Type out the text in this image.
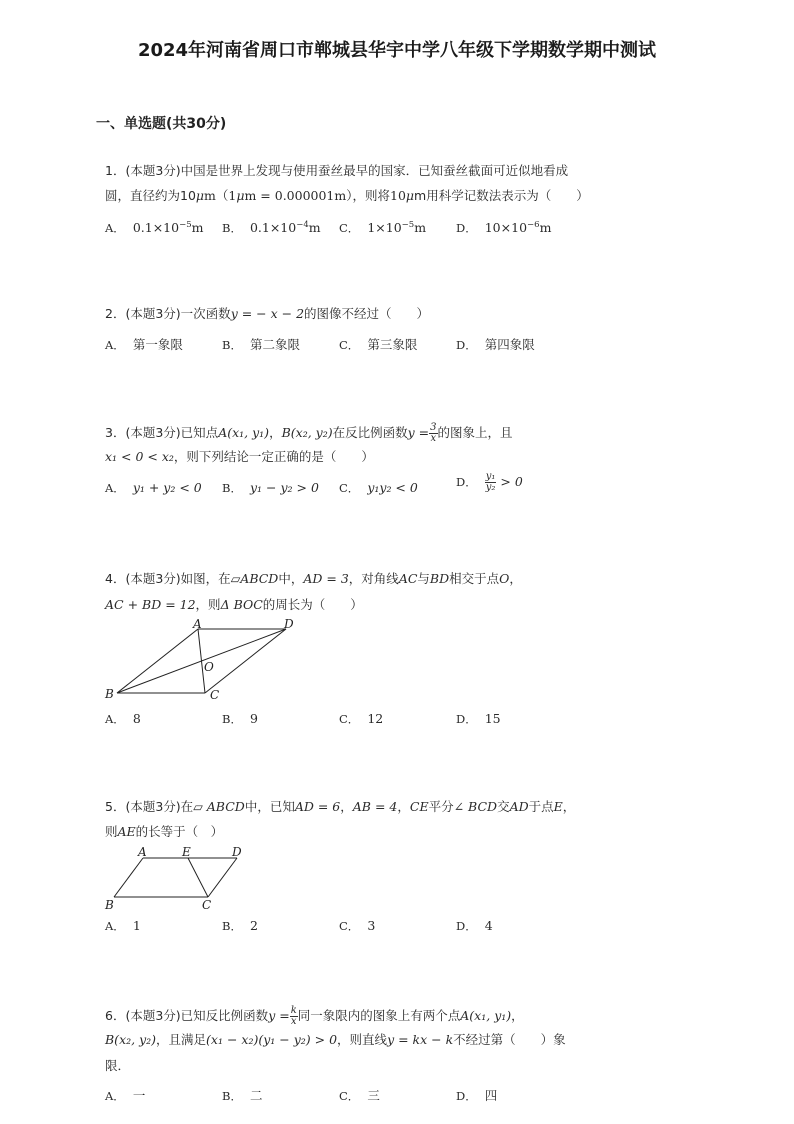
2024年河南省周口市郸城县华宇中学八年级下学期数学期中测试
一、单选题(共30分)
1．(本题3分)中国是世界上发现与使用蚕丝最早的国家．已知蚕丝截面可近似地看成
圆，直径约为10μm（1μm = 0.000001m），则将10μm用科学记数法表示为（　　）
A． $0.1\times 10^{-5}m$ B． $0.1\times 10^{-4}m$ C． $1\times 10^{-5}m$	D． $10\times 10^{-6}m$
2．(本题3分)一次函数y = − x − 2的图像不经过（　　）
A． 第一象限	B． 第二象限	C． 第三象限	D． 第四象限
3．(本题3分)已知点A(x₁, y₁)，B(x₂, y₂)在反比例函数$y = \frac{3}{x}$ 的图象上，且
x₁ < 0 < x₂，则下列结论一定正确的是（　　）
A． y₁ + y₂ < 0 B． y₁ − y₂ > 0 C． y₁y₂ < 0	D． $\frac{\text{y₁}}{\text{y₂}} > 0$
4．(本题3分)如图，在▱ABCD中，AD = 3，对角线AC与BD相交于点O，
AC + BD = 12，则Δ BOC的周长为（　　）
A	D
O
B	C
A． 8	B． 9	C． 12	D． 15
5．(本题3分)在▱ ABCD中，已知AD = 6，AB = 4，CE平分∠ BCD交AD于点E，
则AE的长等于（　）
A	E	D
B	C
A． 1	B． 2	C． 3	D． 4
6．(本题3分)已知反比例函数$y = \frac{k}{x}$ 同一象限内的图象上有两个点A(x₁, y₁)，
B(x₂, y₂)，且满足(x₁ − x₂)(y₁ − y₂) > 0，则直线y = kx − k不经过第（　　）象
限．
A． 一	B． 二	C． 三	D． 四
